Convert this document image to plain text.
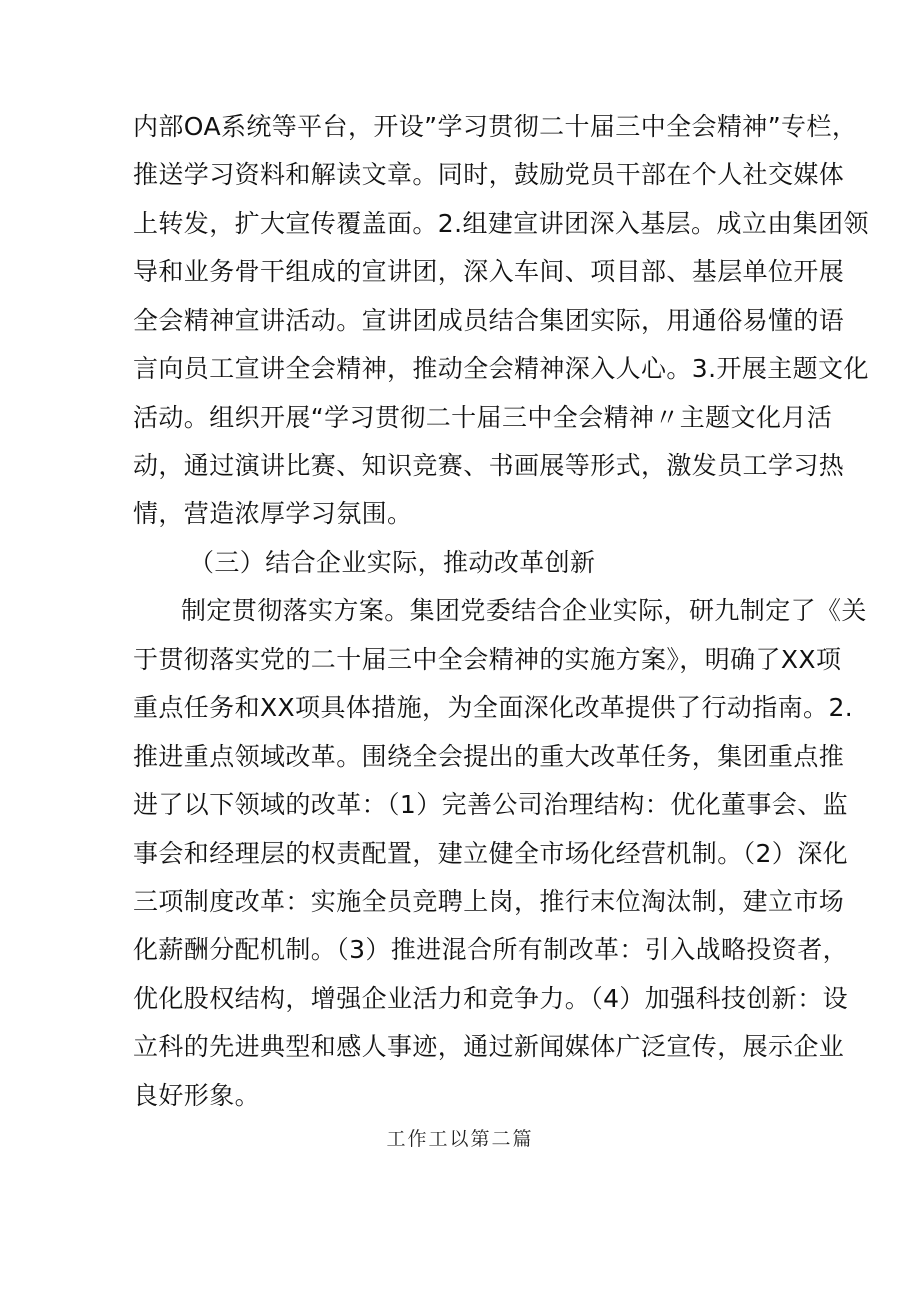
内部OA系统等平台，开设”学习贯彻二十届三中全会精神”专栏，
推送学习资料和解读文章。同时，鼓励党员干部在个人社交媒体
上转发，扩大宣传覆盖面。2.组建宣讲团深入基层。成立由集团领
导和业务骨干组成的宣讲团，深入车间、项目部、基层单位开展
全会精神宣讲活动。宣讲团成员结合集团实际，用通俗易懂的语
言向员工宣讲全会精神，推动全会精神深入人心。3.开展主题文化
活动。组织开展“学习贯彻二十届三中全会精神〃主题文化月活
动，通过演讲比赛、知识竞赛、书画展等形式，激发员工学习热
情，营造浓厚学习氛围。
（三）结合企业实际，推动改革创新
制定贯彻落实方案。集团党委结合企业实际，研九制定了《关
于贯彻落实党的二十届三中全会精神的实施方案》，明确了XX项
重点任务和XX项具体措施，为全面深化改革提供了行动指南。2.
推进重点领域改革。围绕全会提出的重大改革任务，集团重点推
进了以下领域的改革：（1）完善公司治理结构：优化董事会、监
事会和经理层的权责配置，建立健全市场化经营机制。（2）深化
三项制度改革：实施全员竞聘上岗，推行末位淘汰制，建立市场
化薪酬分配机制。（3）推进混合所有制改革：引入战略投资者，
优化股权结构，增强企业活力和竞争力。（4）加强科技创新：设
立科的先进典型和感人事迹，通过新闻媒体广泛宣传，展示企业
良好形象。
工作工以第二篇
